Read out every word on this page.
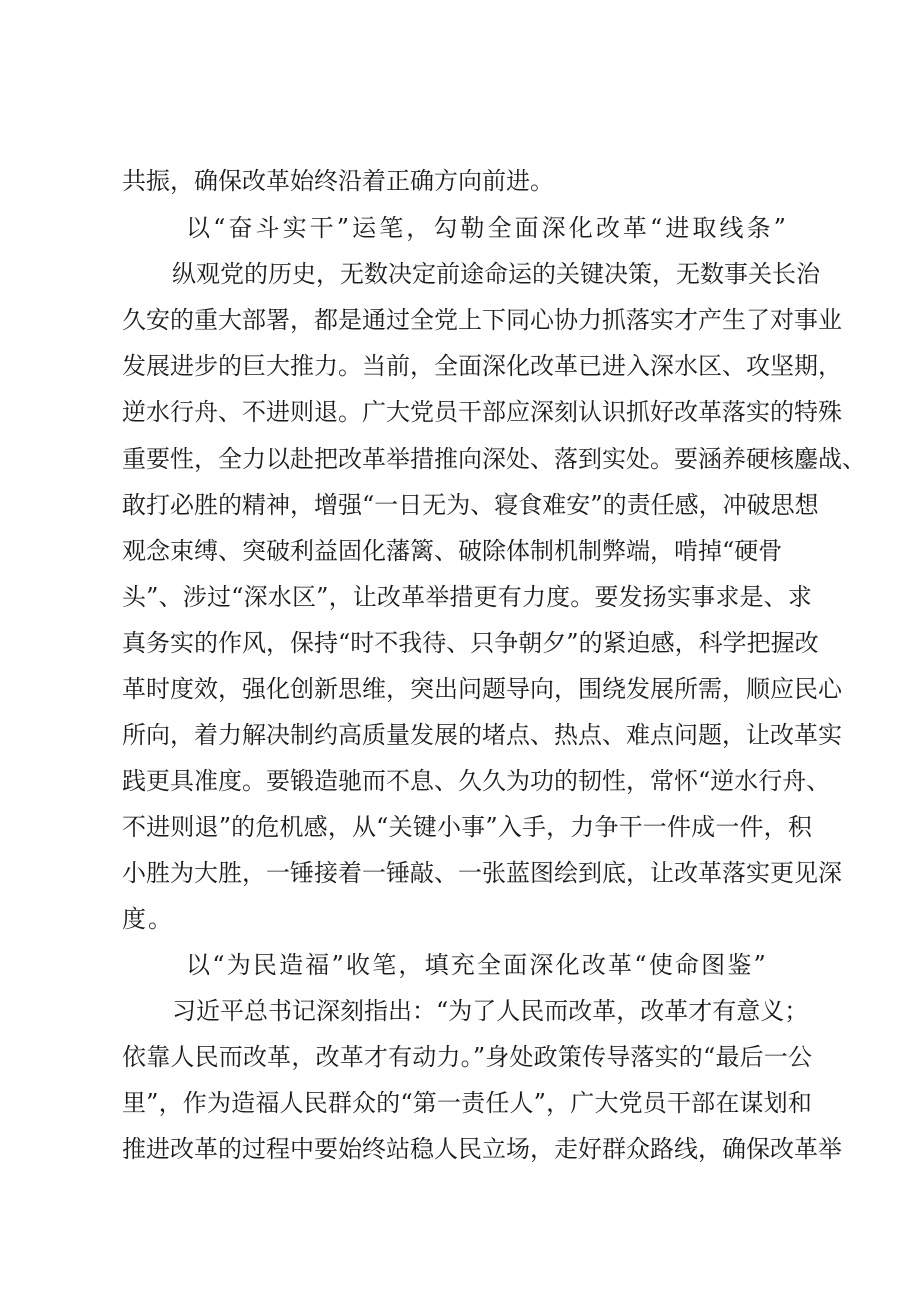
共振，确保改革始终沿着正确方向前进。
以 “ 奋 斗 实 干 ” 运 笔 ， 勾 勒 全 面 深 化 改 革 “ 进 取 线 条 ”
纵观党的历史，无数决定前途命运的关键决策，无数事关长治
久安的重大部署，都是通过全党上下同心协力抓落实才产生了对事业
发展进步的巨大推力。当前，全面深化改革已进入深水区、攻坚期，
逆水行舟、不进则退。广大党员干部应深刻认识抓好改革落实的特殊
重要性，全力以赴把改革举措推向深处、落到实处。要涵养硬核鏖战、
敢打必胜的精神，增强“一日无为、寝食难安”的责任感，冲破思想
观念束缚、突破利益固化藩篱、破除体制机制弊端，啃掉“硬骨
头”、涉过“深水区”，让改革举措更有力度。要发扬实事求是、求
真务实的作风，保持“时不我待、只争朝夕”的紧迫感，科学把握改
革时度效，强化创新思维，突出问题导向，围绕发展所需，顺应民心
所向，着力解决制约高质量发展的堵点、热点、难点问题，让改革实
践更具准度。要锻造驰而不息、久久为功的韧性，常怀“逆水行舟、
不进则退”的危机感，从“关键小事”入手，力争干一件成一件，积
小胜为大胜，一锤接着一锤敲、一张蓝图绘到底，让改革落实更见深
度。
以“为民造福”收笔，填充全面深化改革“使命图鉴”
习近平总书记深刻指出：“为了人民而改革，改革才有意义；
依靠人民而改革，改革才有动力。”身处政策传导落实的“最后一公
里”，作为造福人民群众的“第一责任人”，广大党员干部在谋划和
推进改革的过程中要始终站稳人民立场，走好群众路线，确保改革举
